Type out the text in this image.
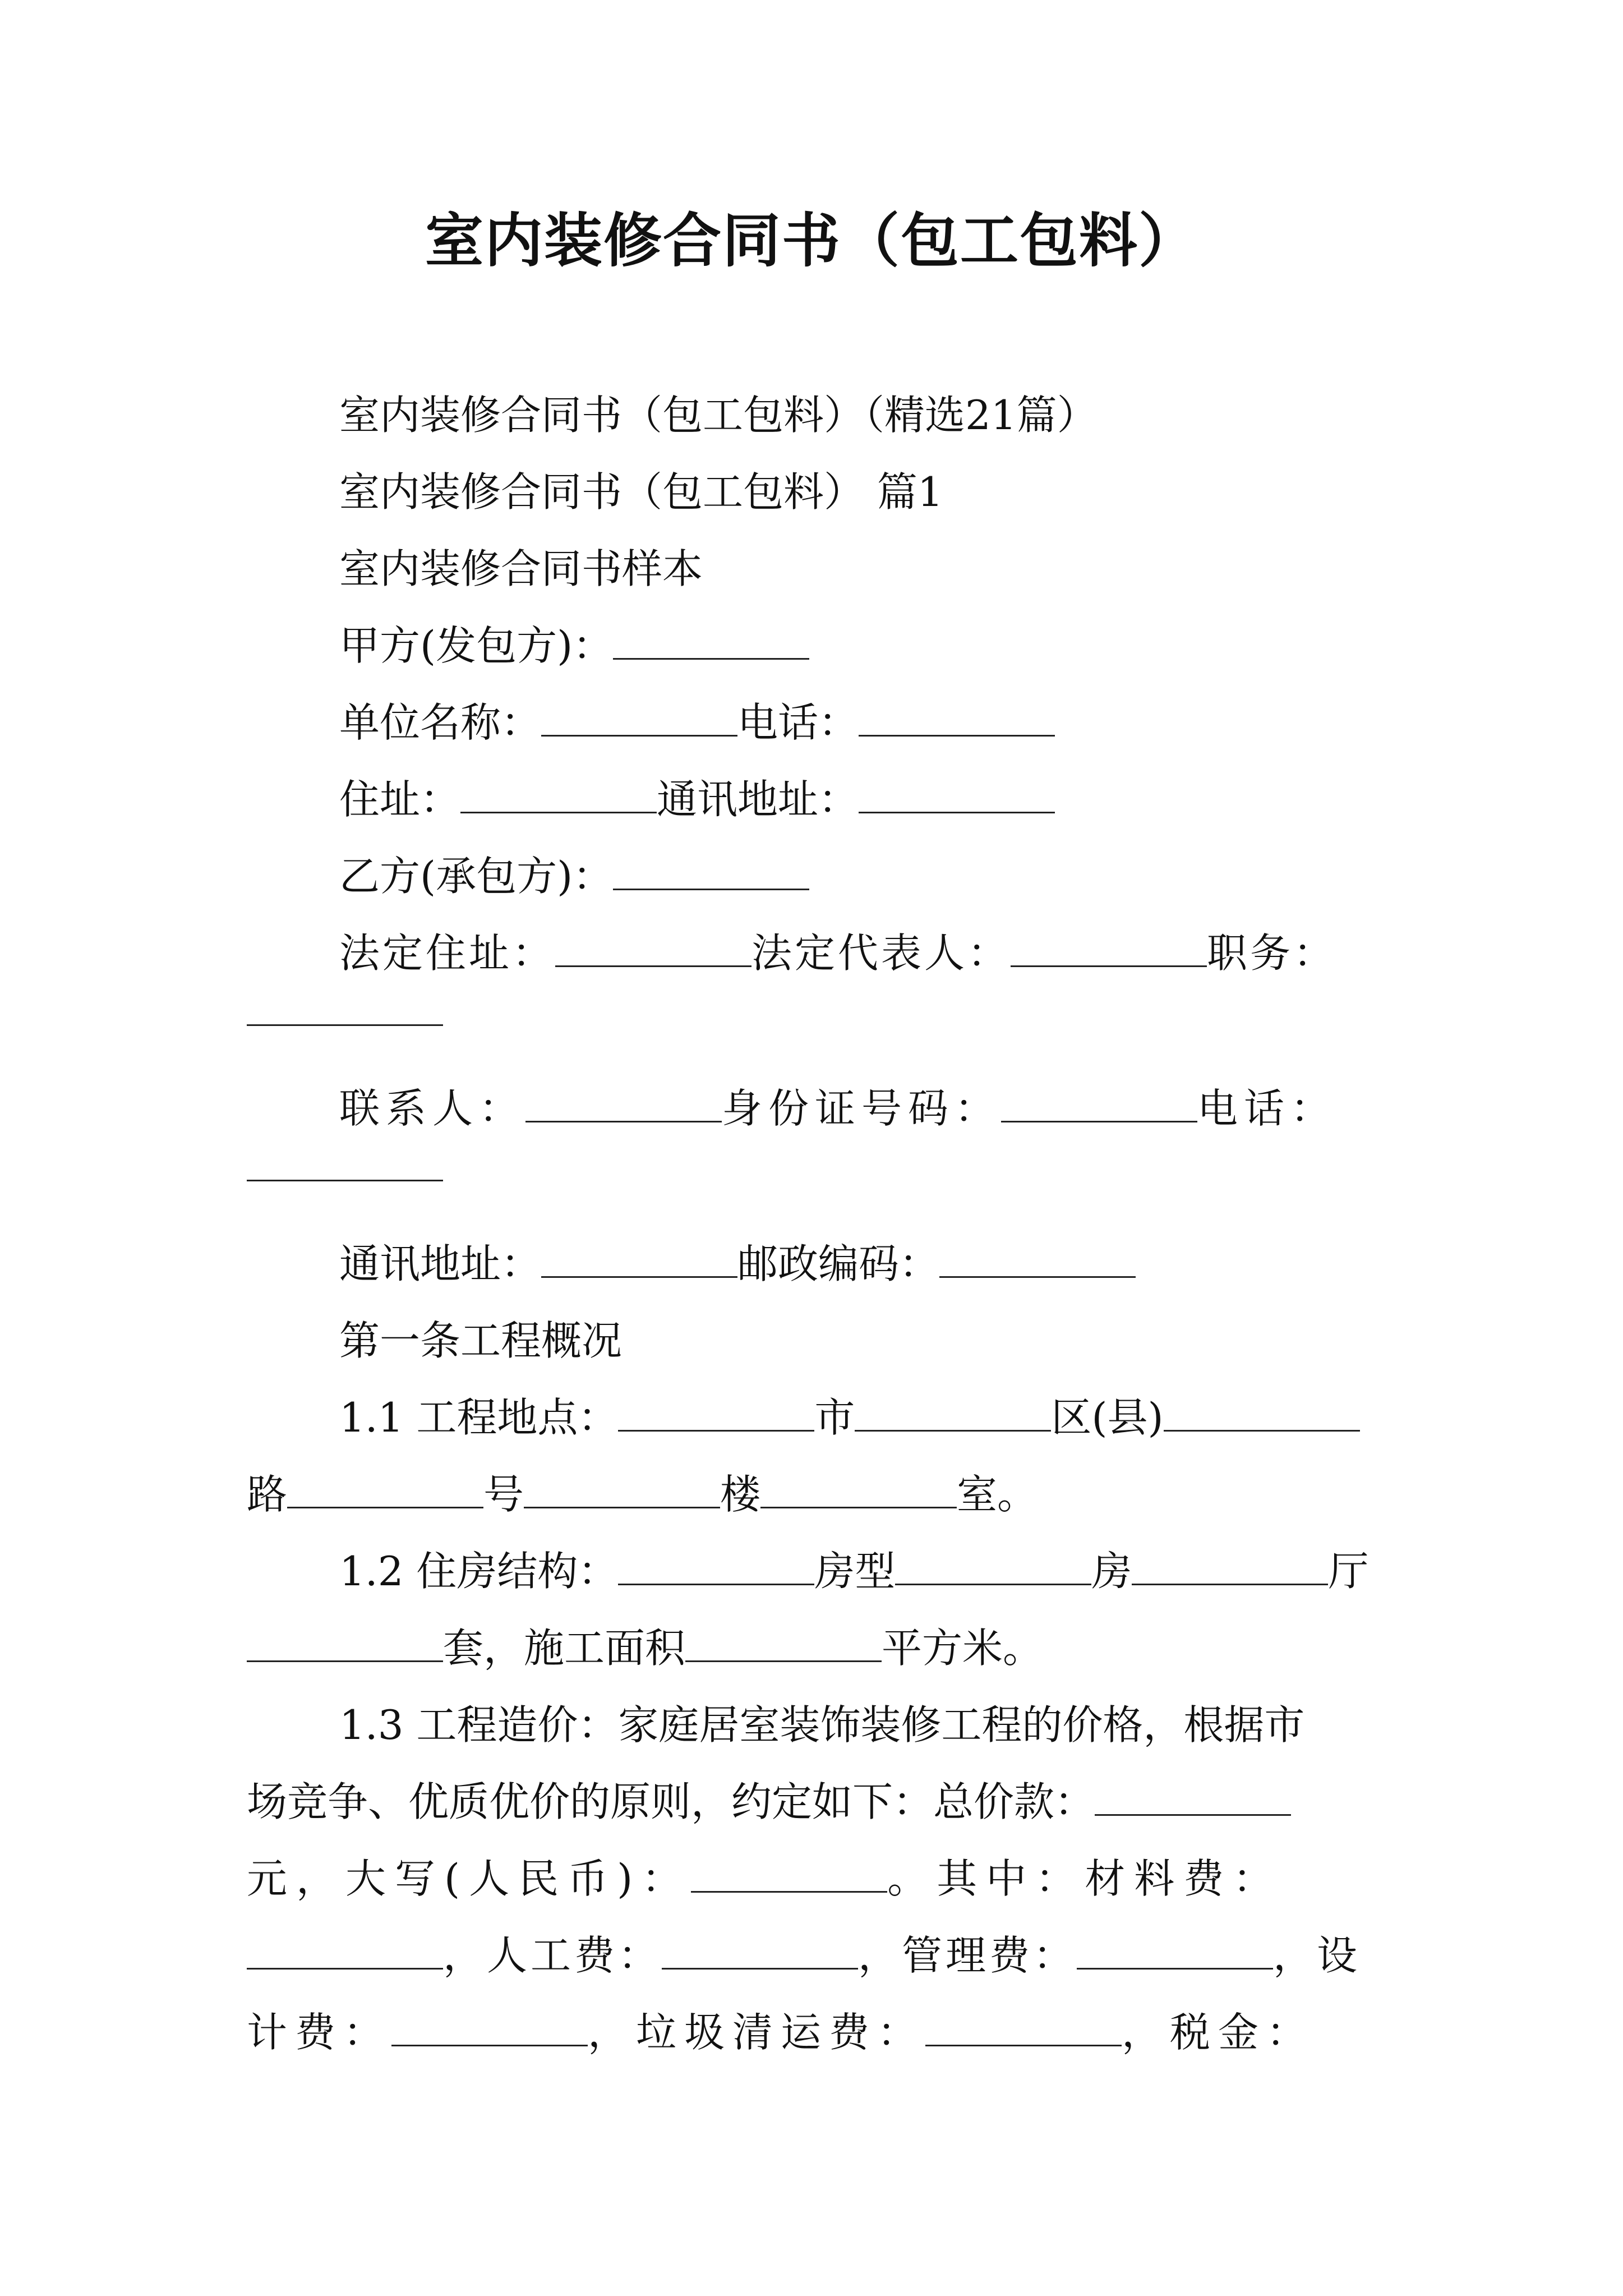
室内装修合同书（包工包料）

室内装修合同书（包工包料）（精选21篇）

室内装修合同书（包工包料） 篇1

室内装修合同书样本

甲方(发包方)：

单位名称：	电话：

住址：	通讯地址：

乙方(承包方)：

法定住址：	法定代表人：	职务：

联系人：	身份证号码：	电话：

通讯地址：	邮政编码：

第一条工程概况

1.1 工程地点：	市	区(县)

路	号	楼	室。

1.2 住房结构：	房型	房	厅

套，施工面积	平方米。

1.3 工程造价：家庭居室装饰装修工程的价格，根据市

场竞争、优质优价的原则，约定如下：总价款：

元，大写(人民币)：	。其中：材料费：

，人工费：	，管理费：	，设

计费：	，垃圾清运费：	，税金：
